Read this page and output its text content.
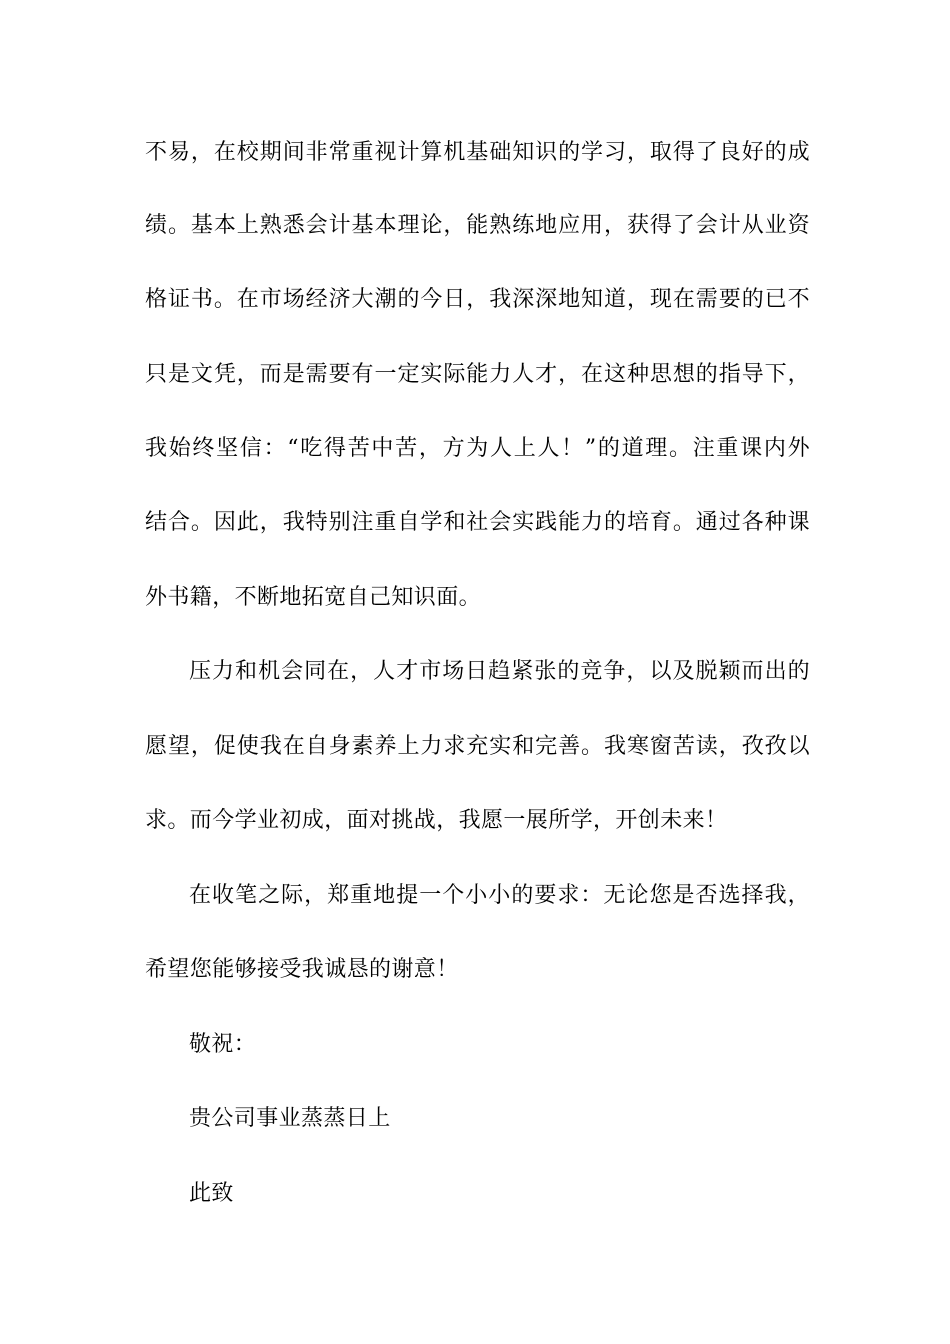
不易，在校期间非常重视计算机基础知识的学习，取得了良好的成
绩。基本上熟悉会计基本理论，能熟练地应用，获得了会计从业资
格证书。在市场经济大潮的今日，我深深地知道，现在需要的已不
只是文凭，而是需要有一定实际能力人才，在这种思想的指导下，
我始终坚信：“吃得苦中苦，方为人上人！”的道理。注重课内外
结合。因此，我特别注重自学和社会实践能力的培育。通过各种课
外书籍，不断地拓宽自己知识面。
压力和机会同在，人才市场日趋紧张的竞争，以及脱颖而出的
愿望，促使我在自身素养上力求充实和完善。我寒窗苦读，孜孜以
求。而今学业初成，面对挑战，我愿一展所学，开创未来！
在收笔之际，郑重地提一个小小的要求：无论您是否选择我，
希望您能够接受我诚恳的谢意！
敬祝：
贵公司事业蒸蒸日上
此致
